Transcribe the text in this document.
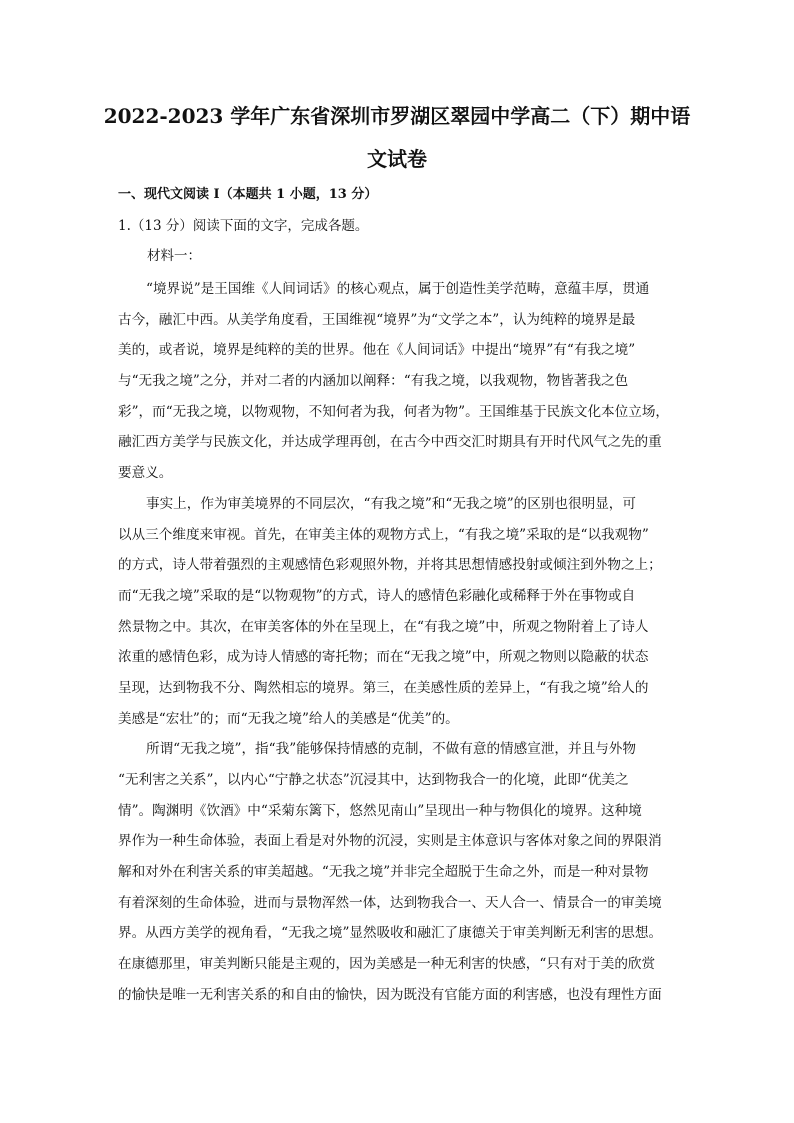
2022-2023 学年广东省深圳市罗湖区翠园中学高二（下）期中语
文试卷
一、现代文阅读 I（本题共 1 小题，13 分）
1.（13 分）阅读下面的文字，完成各题。
材料一：
“境界说”是王国维《人间词话》的核心观点，属于创造性美学范畴，意蕴丰厚，贯通
古今，融汇中西。从美学角度看，王国维视“境界”为“文学之本”，认为纯粹的境界是最
美的，或者说，境界是纯粹的美的世界。他在《人间词话》中提出“境界”有“有我之境”
与“无我之境”之分，并对二者的内涵加以阐释：“有我之境，以我观物，物皆著我之色
彩”，而“无我之境，以物观物，不知何者为我，何者为物”。王国维基于民族文化本位立场，
融汇西方美学与民族文化，并达成学理再创，在古今中西交汇时期具有开时代风气之先的重
要意义。
事实上，作为审美境界的不同层次，“有我之境”和“无我之境”的区别也很明显，可
以从三个维度来审视。首先，在审美主体的观物方式上，“有我之境”采取的是“以我观物”
的方式，诗人带着强烈的主观感情色彩观照外物，并将其思想情感投射或倾注到外物之上；
而“无我之境”采取的是“以物观物”的方式，诗人的感情色彩融化或稀释于外在事物或自
然景物之中。其次，在审美客体的外在呈现上，在“有我之境”中，所观之物附着上了诗人
浓重的感情色彩，成为诗人情感的寄托物；而在“无我之境”中，所观之物则以隐蔽的状态
呈现，达到物我不分、陶然相忘的境界。第三，在美感性质的差异上，“有我之境”给人的
美感是“宏壮”的；而“无我之境”给人的美感是“优美”的。
所谓“无我之境”，指“我”能够保持情感的克制，不做有意的情感宣泄，并且与外物
“无利害之关系”，以内心“宁静之状态”沉浸其中，达到物我合一的化境，此即“优美之
情”。陶渊明《饮酒》中“采菊东篱下，悠然见南山”呈现出一种与物俱化的境界。这种境
界作为一种生命体验，表面上看是对外物的沉浸，实则是主体意识与客体对象之间的界限消
解和对外在利害关系的审美超越。“无我之境”并非完全超脱于生命之外，而是一种对景物
有着深刻的生命体验，进而与景物浑然一体，达到物我合一、天人合一、情景合一的审美境
界。从西方美学的视角看，“无我之境”显然吸收和融汇了康德关于审美判断无利害的思想。
在康德那里，审美判断只能是主观的，因为美感是一种无利害的快感，“只有对于美的欣赏
的愉快是唯一无利害关系的和自由的愉快，因为既没有官能方面的利害感，也没有理性方面
